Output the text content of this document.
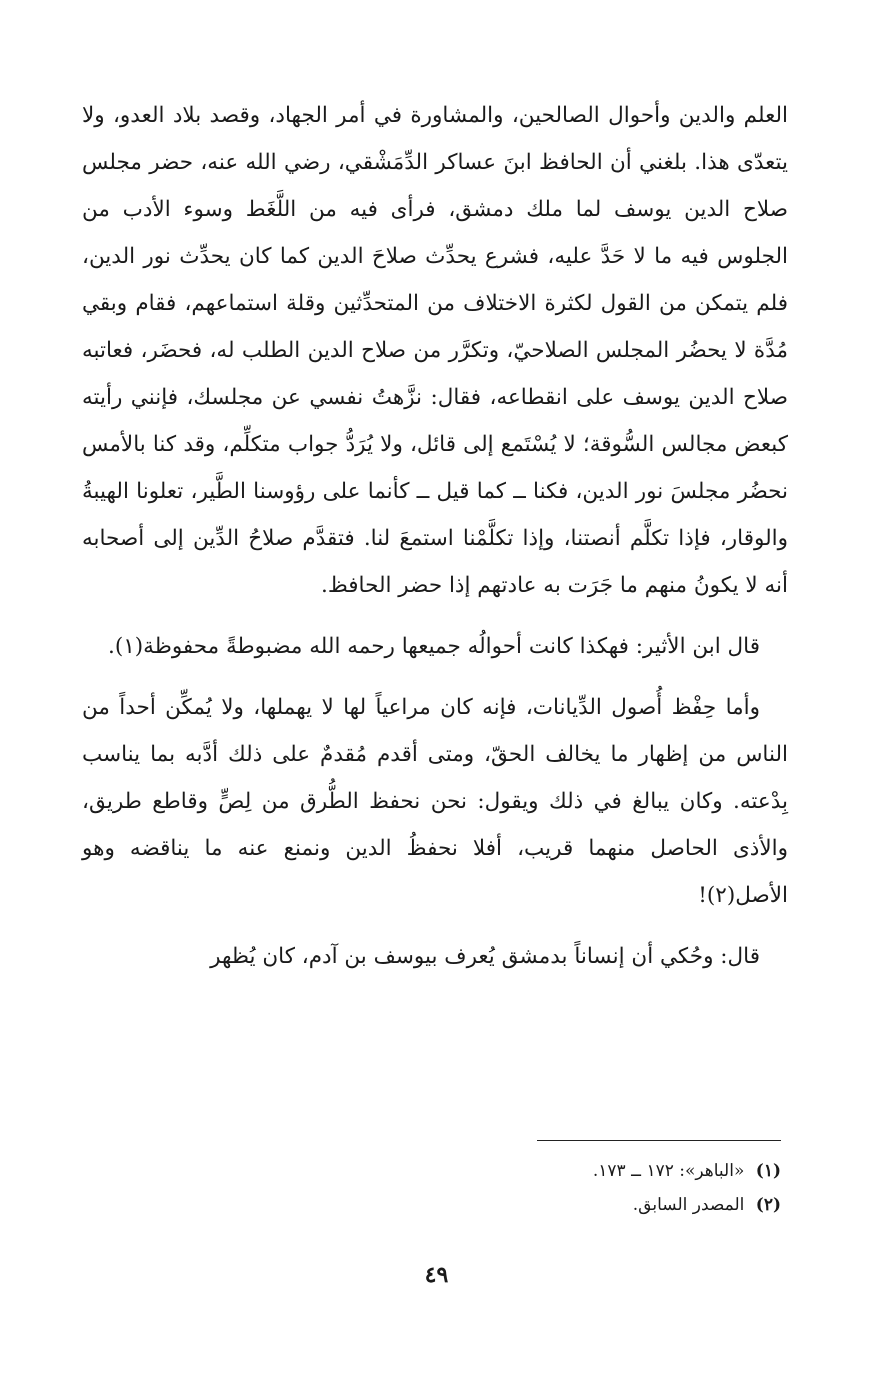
العلم والدين وأحوال الصالحين، والمشاورة في أمر الجهاد، وقصد بلاد العدو، ولا يتعدّى هذا. بلغني أن الحافظ ابنَ عساكر الدِّمَشْقي، رضي الله عنه، حضر مجلس صلاح الدين يوسف لما ملك دمشق، فرأى فيه من اللَّغَط وسوء الأدب من الجلوس فيه ما لا حَدَّ عليه، فشرع يحدِّث صلاحَ الدين كما كان يحدِّث نور الدين، فلم يتمكن من القول لكثرة الاختلاف من المتحدِّثين وقلة استماعهم، فقام وبقي مُدَّة لا يحضُر المجلس الصلاحيّ، وتكرَّر من صلاح الدين الطلب له، فحضَر، فعاتبه صلاح الدين يوسف على انقطاعه، فقال: نزَّهتُ نفسي عن مجلسك، فإنني رأيته كبعض مجالس السُّوقة؛ لا يُسْتَمع إلى قائل، ولا يُرَدُّ جواب متكلِّم، وقد كنا بالأمس نحضُر مجلسَ نور الدين، فكنا ــ كما قيل ــ كأنما على رؤوسنا الطَّير، تعلونا الهيبةُ والوقار، فإذا تكلَّم أنصتنا، وإذا تكلَّمْنا استمعَ لنا. فتقدَّم صلاحُ الدِّين إلى أصحابه أنه لا يكونُ منهم ما جَرَت به عادتهم إذا حضر الحافظ.

قال ابن الأثير: فهكذا كانت أحوالُه جميعها رحمه الله مضبوطةً محفوظة(١).

وأما حِفْظ أُصول الدِّيانات، فإنه كان مراعياً لها لا يهملها، ولا يُمكِّن أحداً من الناس من إظهار ما يخالف الحقّ، ومتى أقدم مُقدمٌ على ذلك أدَّبه بما يناسب بِدْعته. وكان يبالغ في ذلك ويقول: نحن نحفظ الطُّرق من لِصٍّ وقاطع طريق، والأذى الحاصل منهما قريب، أفلا نحفظُ الدين ونمنع عنه ما يناقضه وهو الأصل(٢)!

قال: وحُكي أن إنساناً بدمشق يُعرف بيوسف بن آدم، كان يُظهر

(١) «الباهر»: ١٧٢ ــ ١٧٣.
(٢) المصدر السابق.
٤٩
